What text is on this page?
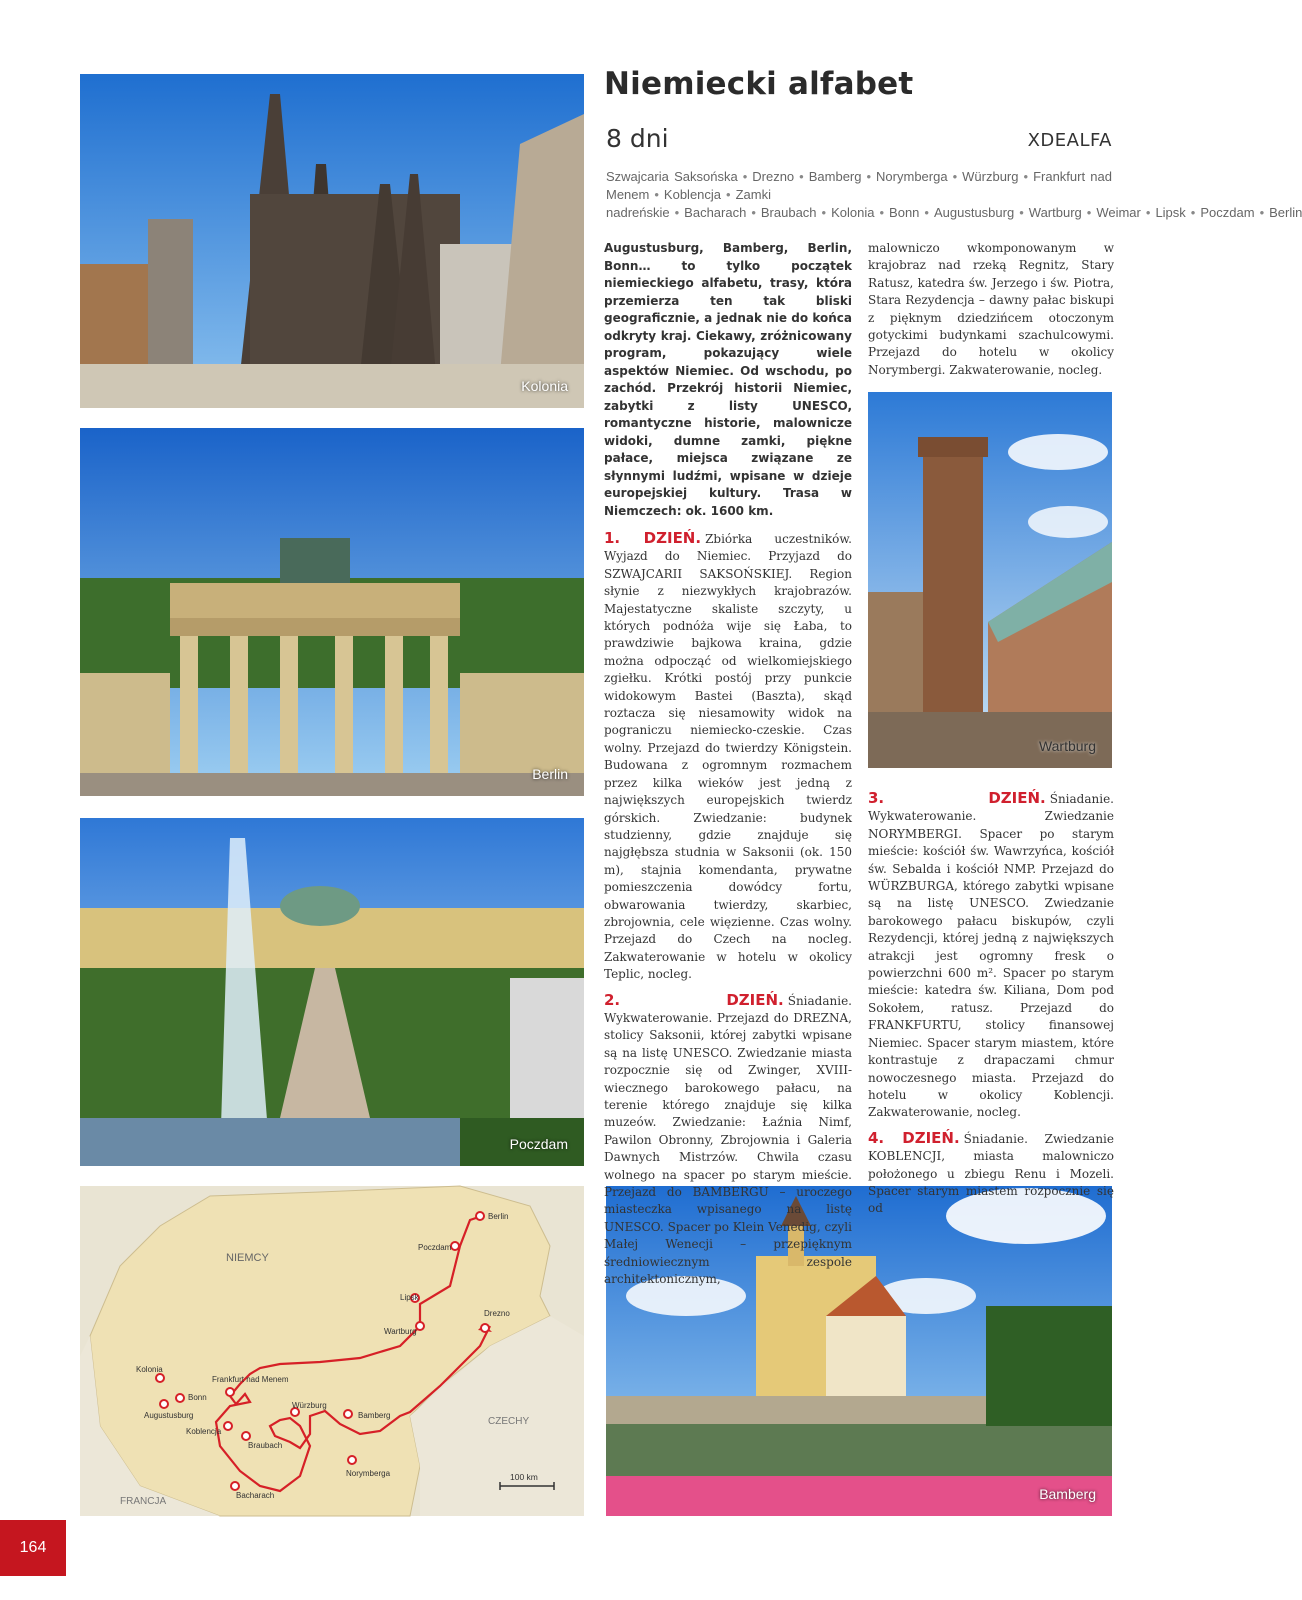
Niemiecki alfabet
8 dni	XDEALFA
Szwajcaria Saksońska • Drezno • Bamberg • Norymberga • Würzburg • Frankfurt nad Menem • Koblencja • Zamki nadreńskie • Bacharach • Braubach • Kolonia • Bonn • Augustusburg • Wartburg • Weimar • Lipsk • Poczdam • Berlin
Kolonia
Berlin
Poczdam
Wartburg
Bamberg
NIEMCY
CZECHY
FRANCJA
Berlin
Poczdam
Lipsk
Wartburg
Drezno
Kolonia
Bonn
Augustusburg
Frankfurt nad Menem
Koblencja
Würzburg
Braubach
Bamberg
Norymberga
Bacharach
100 km

Augustusburg, Bamberg, Berlin, Bonn… to tylko początek niemieckiego alfabetu, trasy, która przemierza ten tak bliski geograficznie, a jednak nie do końca odkryty kraj. Ciekawy, zróżnicowany program, pokazujący wiele aspektów Niemiec. Od wschodu, po zachód. Przekrój historii Niemiec, zabytki z listy UNESCO, romantyczne historie, malownicze widoki, dumne zamki, piękne pałace, miejsca związane ze słynnymi ludźmi, wpisane w dzieje europejskiej kultury. Trasa w Niemczech: ok. 1600 km.

1. DZIEŃ. Zbiórka uczestników. Wyjazd do Niemiec. Przyjazd do SZWAJCARII SAKSOŃSKIEJ. Region słynie z niezwykłych krajobrazów. Majestatyczne skaliste szczyty, u których podnóża wije się Łaba, to prawdziwie bajkowa kraina, gdzie można odpocząć od wielkomiejskiego zgiełku. Krótki postój przy punkcie widokowym Bastei (Baszta), skąd roztacza się niesamowity widok na pograniczu niemiecko-czeskie. Czas wolny. Przejazd do twierdzy Königstein. Budowana z ogromnym rozmachem przez kilka wieków jest jedną z największych europejskich twierdz górskich. Zwiedzanie: budynek studzienny, gdzie znajduje się najgłębsza studnia w Saksonii (ok. 150 m), stajnia komendanta, prywatne pomieszczenia dowódcy fortu, obwarowania twierdzy, skarbiec, zbrojownia, cele więzienne. Czas wolny. Przejazd do Czech na nocleg. Zakwaterowanie w hotelu w okolicy Teplic, nocleg.

2. DZIEŃ. Śniadanie. Wykwaterowanie. Przejazd do DREZNA, stolicy Saksonii, której zabytki wpisane są na listę UNESCO. Zwiedzanie miasta rozpocznie się od Zwinger, XVIII-wiecznego barokowego pałacu, na terenie którego znajduje się kilka muzeów. Zwiedzanie: Łaźnia Nimf, Pawilon Obronny, Zbrojownia i Galeria Dawnych Mistrzów. Chwila czasu wolnego na spacer po starym mieście. Przejazd do BAMBERGU – uroczego miasteczka wpisanego na listę UNESCO. Spacer po Klein Venedig, czyli Małej Wenecji – przepięknym średniowiecznym zespole architektonicznym,

malowniczo wkomponowanym w krajobraz nad rzeką Regnitz, Stary Ratusz, katedra św. Jerzego i św. Piotra, Stara Rezydencja – dawny pałac biskupi z pięknym dziedzińcem otoczonym gotyckimi budynkami szachulcowymi. Przejazd do hotelu w okolicy Norymbergi. Zakwaterowanie, nocleg.

3. DZIEŃ. Śniadanie. Wykwaterowanie. Zwiedzanie NORYMBERGI. Spacer po starym mieście: kościół św. Wawrzyńca, kościół św. Sebalda i kościół NMP. Przejazd do WÜRZBURGA, którego zabytki wpisane są na listę UNESCO. Zwiedzanie barokowego pałacu biskupów, czyli Rezydencji, której jedną z największych atrakcji jest ogromny fresk o powierzchni 600 m². Spacer po starym mieście: katedra św. Kiliana, Dom pod Sokołem, ratusz. Przejazd do FRANKFURTU, stolicy finansowej Niemiec. Spacer starym miastem, które kontrastuje z drapaczami chmur nowoczesnego miasta. Przejazd do hotelu w okolicy Koblencji. Zakwaterowanie, nocleg.

4. DZIEŃ. Śniadanie. Zwiedzanie KOBLENCJI, miasta malowniczo położonego u zbiegu Renu i Mozeli. Spacer starym miastem rozpocznie się od

164
